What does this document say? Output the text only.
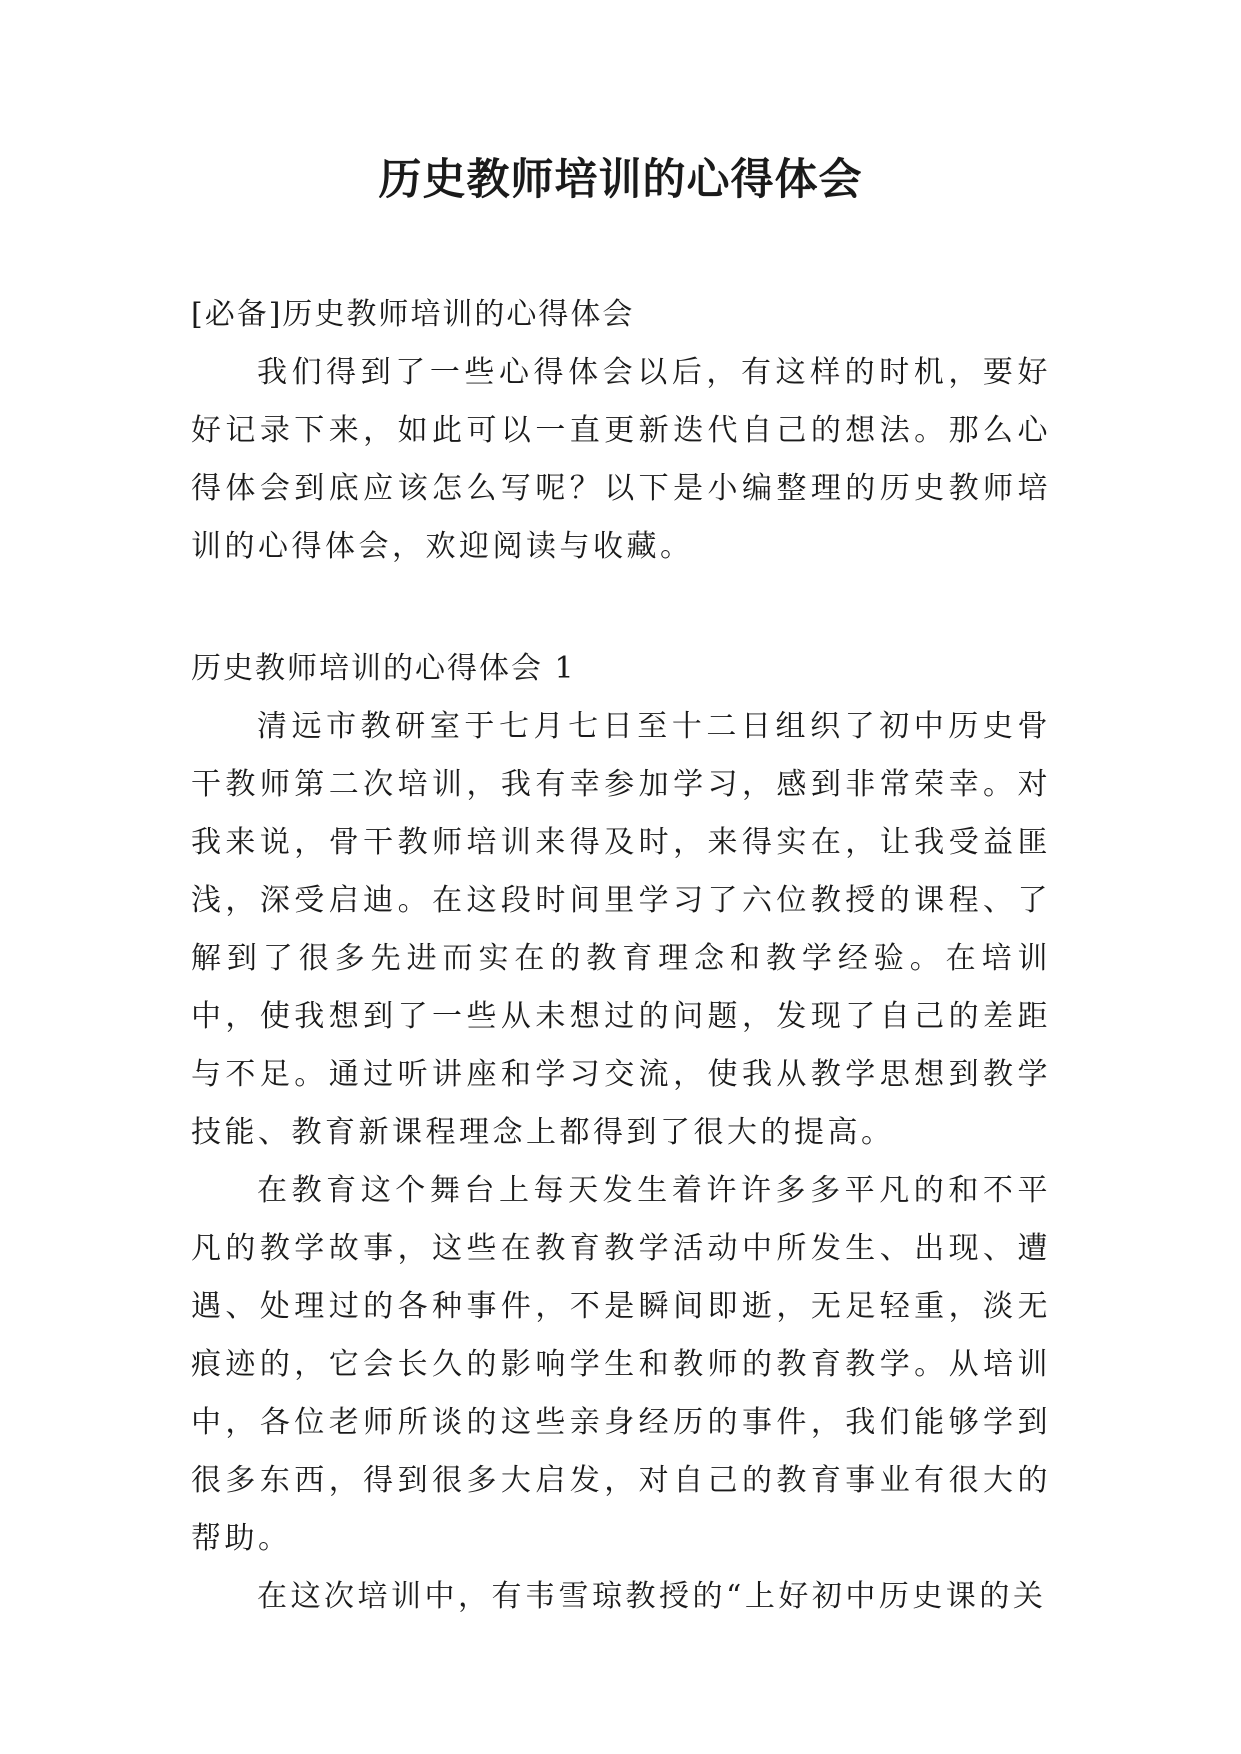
历史教师培训的心得体会

[必备]历史教师培训的心得体会

我们得到了一些心得体会以后，有这样的时机，要好好记录下来，如此可以一直更新迭代自己的想法。那么心得体会到底应该怎么写呢？以下是小编整理的历史教师培训的心得体会，欢迎阅读与收藏。

历史教师培训的心得体会 1

清远市教研室于七月七日至十二日组织了初中历史骨干教师第二次培训，我有幸参加学习，感到非常荣幸。对我来说，骨干教师培训来得及时，来得实在，让我受益匪浅，深受启迪。在这段时间里学习了六位教授的课程、了解到了很多先进而实在的教育理念和教学经验。在培训中，使我想到了一些从未想过的问题，发现了自己的差距与不足。通过听讲座和学习交流，使我从教学思想到教学技能、教育新课程理念上都得到了很大的提高。

在教育这个舞台上每天发生着许许多多平凡的和不平凡的教学故事，这些在教育教学活动中所发生、出现、遭遇、处理过的各种事件，不是瞬间即逝，无足轻重，淡无痕迹的，它会长久的影响学生和教师的教育教学。从培训中，各位老师所谈的这些亲身经历的事件，我们能够学到很多东西，得到很多大启发，对自己的教育事业有很大的帮助。

在这次培训中，有韦雪琼教授的“上好初中历史课的关
